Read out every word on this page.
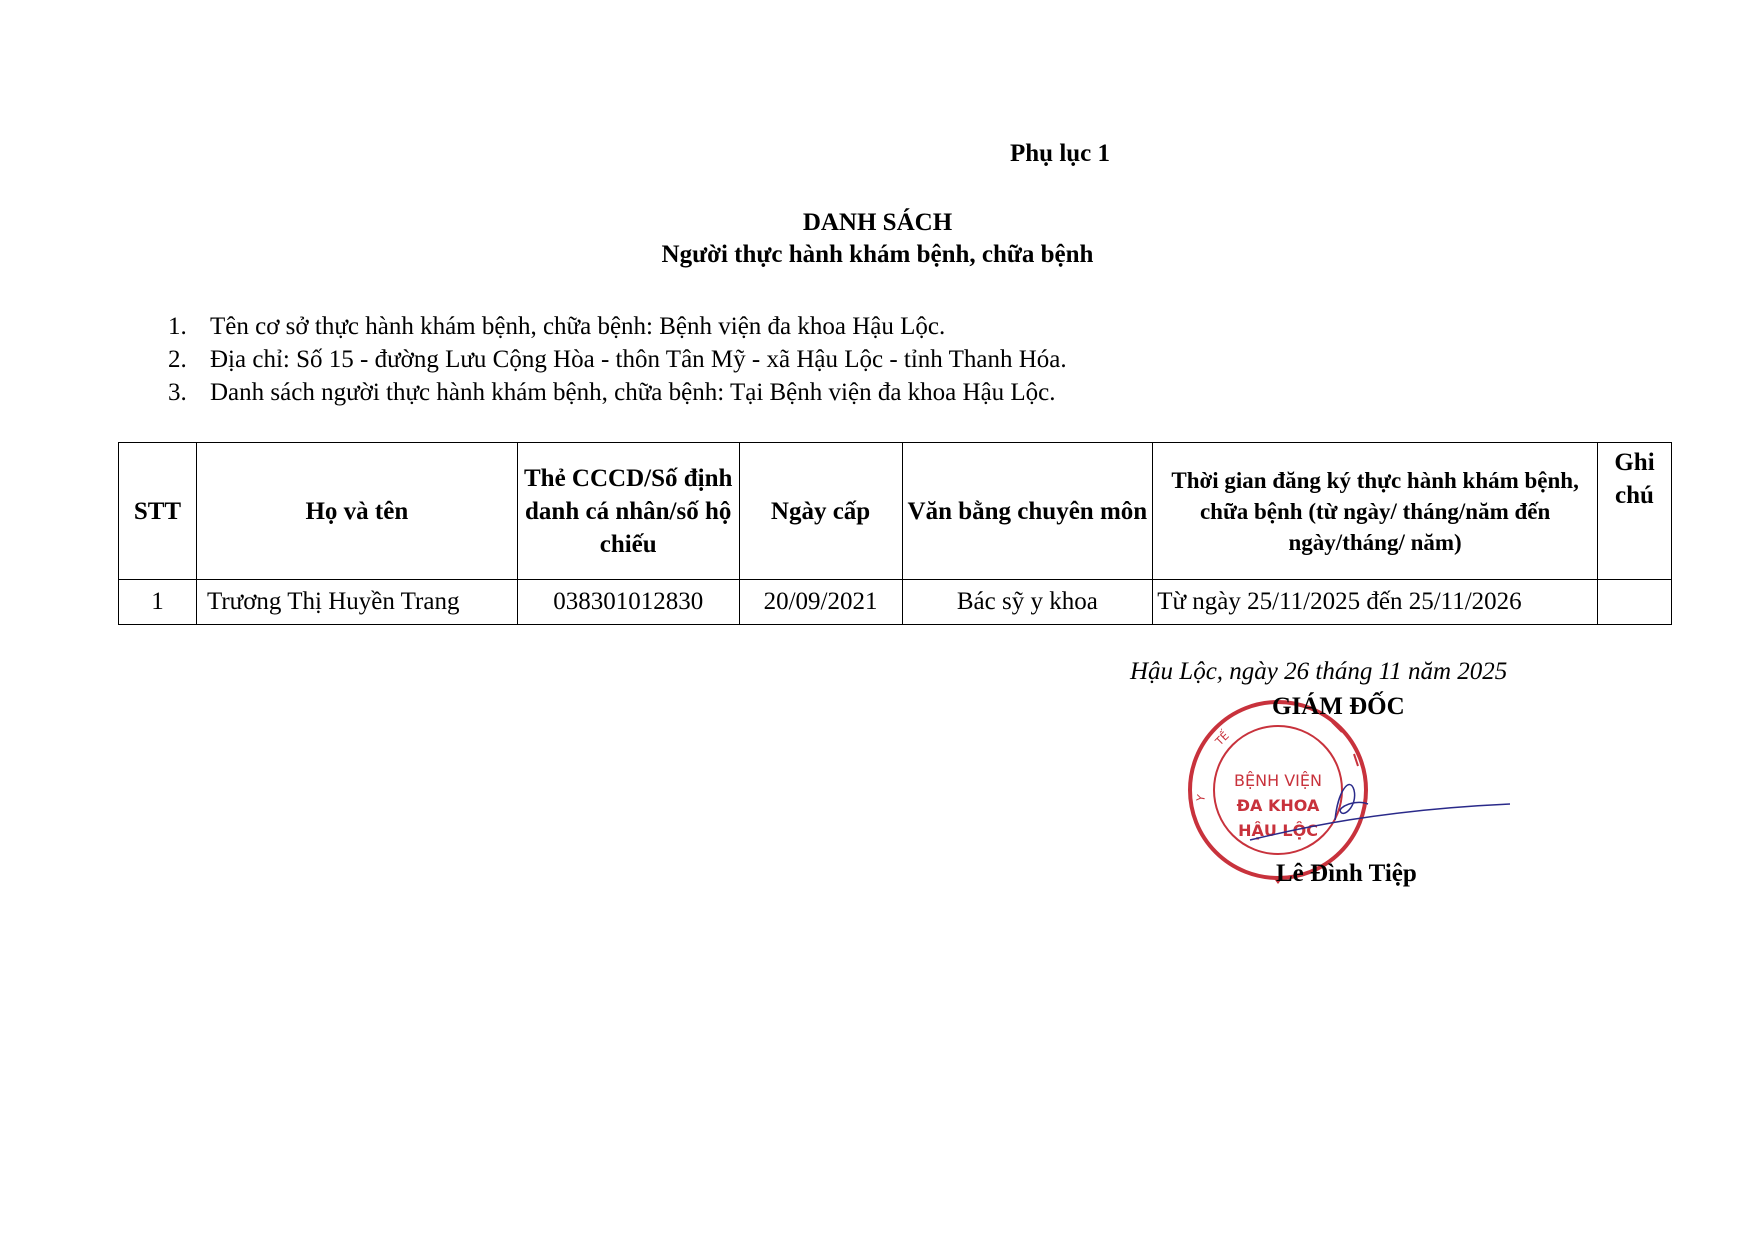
Phụ lục 1
DANH SÁCH
Người thực hành khám bệnh, chữa bệnh
1. Tên cơ sở thực hành khám bệnh, chữa bệnh: Bệnh viện đa khoa Hậu Lộc.
2. Địa chỉ: Số 15 - đường Lưu Cộng Hòa - thôn Tân Mỹ - xã Hậu Lộc - tỉnh Thanh Hóa.
3. Danh sách người thực hành khám bệnh, chữa bệnh: Tại Bệnh viện đa khoa Hậu Lộc.
STT	Họ và tên	Thẻ CCCD/Số định danh cá nhân/số hộ chiếu	Ngày cấp	Văn bằng chuyên môn	Thời gian đăng ký thực hành khám bệnh, chữa bệnh (từ ngày/ tháng/năm đến ngày/tháng/ năm)	Ghi chú
1	Trương Thị Huyền Trang	038301012830	20/09/2021	Bác sỹ y khoa	Từ ngày 25/11/2025 đến 25/11/2026	
Hậu Lộc, ngày 26 tháng 11 năm 2025
Y
TẾ
BỆNH VIỆN
ĐA KHOA
HẬU LỘC
GIÁM ĐỐC
Lê Đình Tiệp
